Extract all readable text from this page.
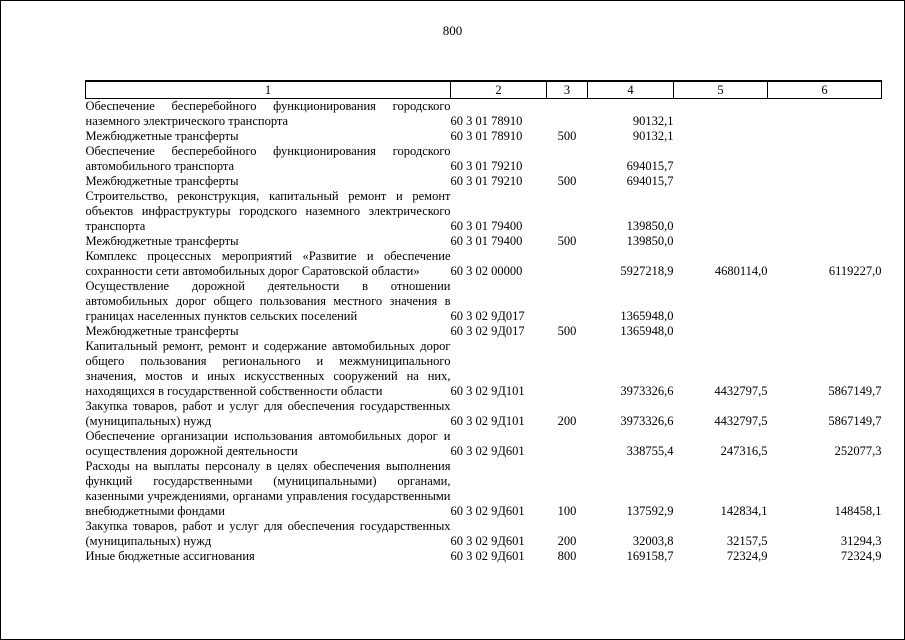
800
1	2	3	4	5	6
Обеспечение бесперебойного функционирования городского наземного электрического транспорта	60 3 01 78910		90132,1		
Межбюджетные трансферты	60 3 01 78910	500	90132,1		
Обеспечение бесперебойного функционирования городского автомобильного транспорта	60 3 01 79210		694015,7		
Межбюджетные трансферты	60 3 01 79210	500	694015,7		
Строительство, реконструкция, капитальный ремонт и ремонт объектов инфраструктуры городского наземного электрического транспорта	60 3 01 79400		139850,0		
Межбюджетные трансферты	60 3 01 79400	500	139850,0		
Комплекс процессных мероприятий «Развитие и обеспечение сохранности сети автомобильных дорог Саратовской области»	60 3 02 00000		5927218,9	4680114,0	6119227,0
Осуществление дорожной деятельности в отношении автомобильных дорог общего пользования местного значения в границах населенных пунктов сельских поселений	60 3 02 9Д017		1365948,0		
Межбюджетные трансферты	60 3 02 9Д017	500	1365948,0		
Капитальный ремонт, ремонт и содержание автомобильных дорог общего пользования регионального и межмуниципального значения, мостов и иных искусственных сооружений на них, находящихся в государственной собственности области	60 3 02 9Д101		3973326,6	4432797,5	5867149,7
Закупка товаров, работ и услуг для обеспечения государственных (муниципальных) нужд	60 3 02 9Д101	200	3973326,6	4432797,5	5867149,7
Обеспечение организации использования автомобильных дорог и осуществления дорожной деятельности	60 3 02 9Д601		338755,4	247316,5	252077,3
Расходы на выплаты персоналу в целях обеспечения выполнения функций государственными (муниципальными) органами, казенными учреждениями, органами управления государственными внебюджетными фондами	60 3 02 9Д601	100	137592,9	142834,1	148458,1
Закупка товаров, работ и услуг для обеспечения государственных (муниципальных) нужд	60 3 02 9Д601	200	32003,8	32157,5	31294,3
Иные бюджетные ассигнования	60 3 02 9Д601	800	169158,7	72324,9	72324,9
